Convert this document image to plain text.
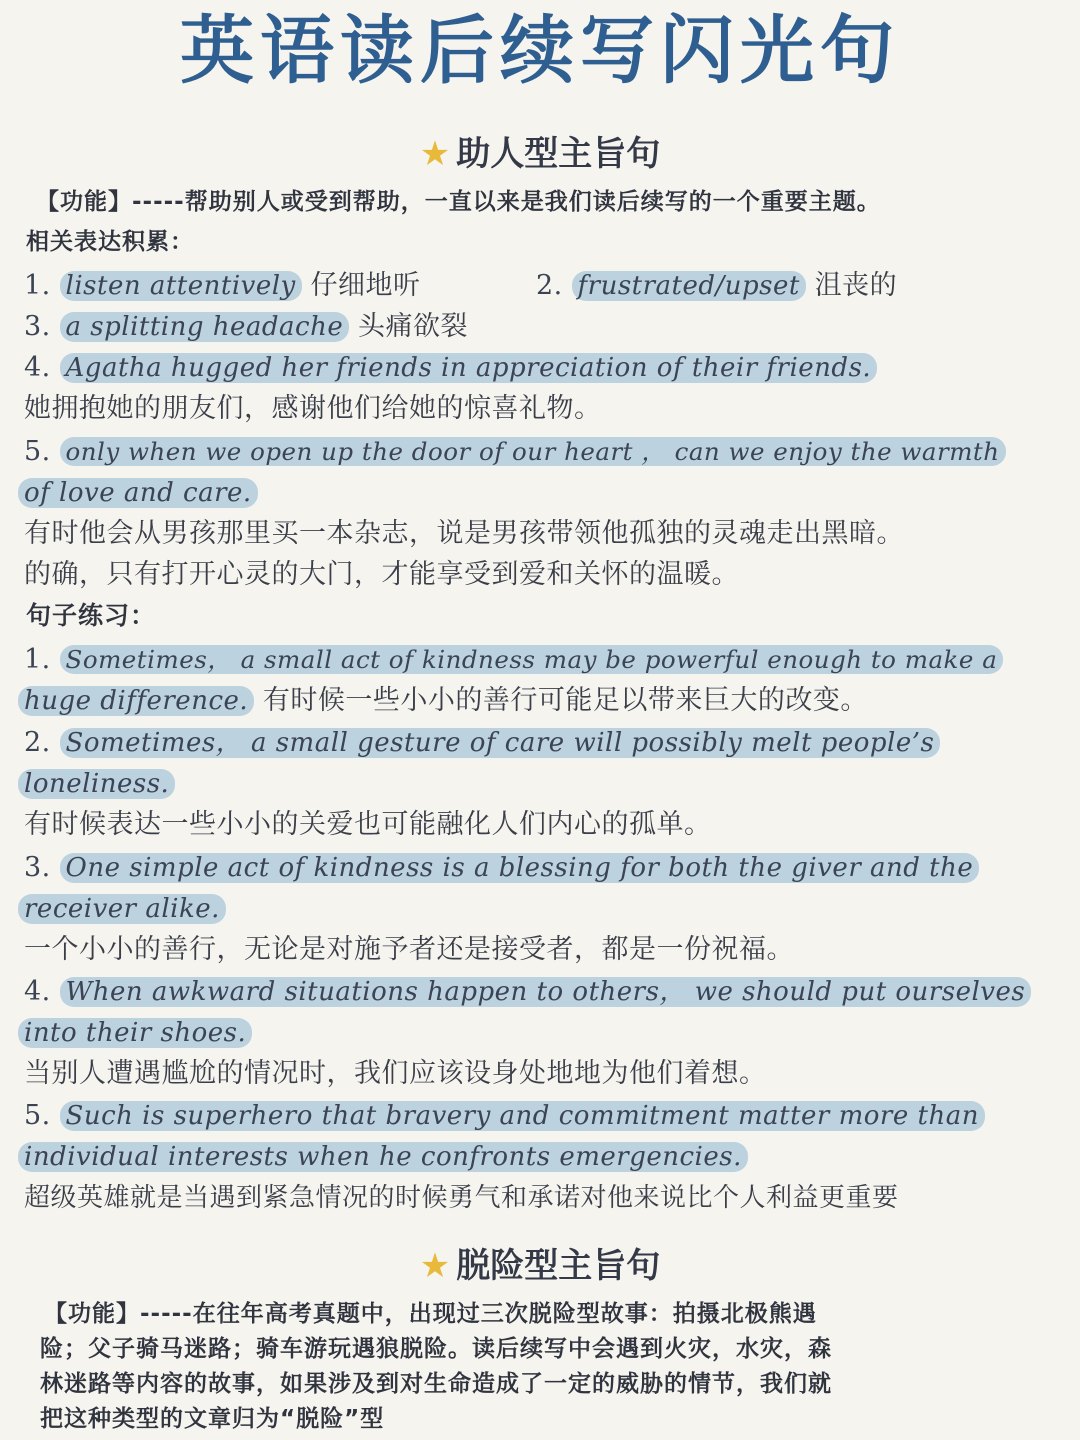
英语读后续写闪光句
★ 助人型主旨句
【功能】-----帮助别人或受到帮助，一直以来是我们读后续写的一个重要主题。
相关表达积累：
1. listen attentively 仔细地听	2. frustrated/upset 沮丧的
3. a splitting headache 头痛欲裂
4. Agatha hugged her friends in appreciation of their friends.
她拥抱她的朋友们，感谢他们给她的惊喜礼物。
5. only when we open up the door of our heart ， can we enjoy the warmth
of love and care.
有时他会从男孩那里买一本杂志，说是男孩带领他孤独的灵魂走出黑暗。
的确，只有打开心灵的大门，才能享受到爱和关怀的温暖。
句子练习：
1. Sometimes， a small act of kindness may be powerful enough to make a
huge difference. 有时候一些小小的善行可能足以带来巨大的改变。
2. Sometimes， a small gesture of care will possibly melt people’s
loneliness.
有时候表达一些小小的关爱也可能融化人们内心的孤单。
3. One simple act of kindness is a blessing for both the giver and the
receiver alike.
一个小小的善行，无论是对施予者还是接受者，都是一份祝福。
4. When awkward situations happen to others， we should put ourselves
into their shoes.
当别人遭遇尴尬的情况时，我们应该设身处地地为他们着想。
5. Such is superhero that bravery and commitment matter more than
individual interests when he confronts emergencies.
超级英雄就是当遇到紧急情况的时候勇气和承诺对他来说比个人利益更重要
★ 脱险型主旨句
【功能】-----在往年高考真题中，出现过三次脱险型故事：拍摄北极熊遇
险；父子骑马迷路；骑车游玩遇狼脱险。读后续写中会遇到火灾，水灾，森
林迷路等内容的故事，如果涉及到对生命造成了一定的威胁的情节，我们就
把这种类型的文章归为“脱险”型
